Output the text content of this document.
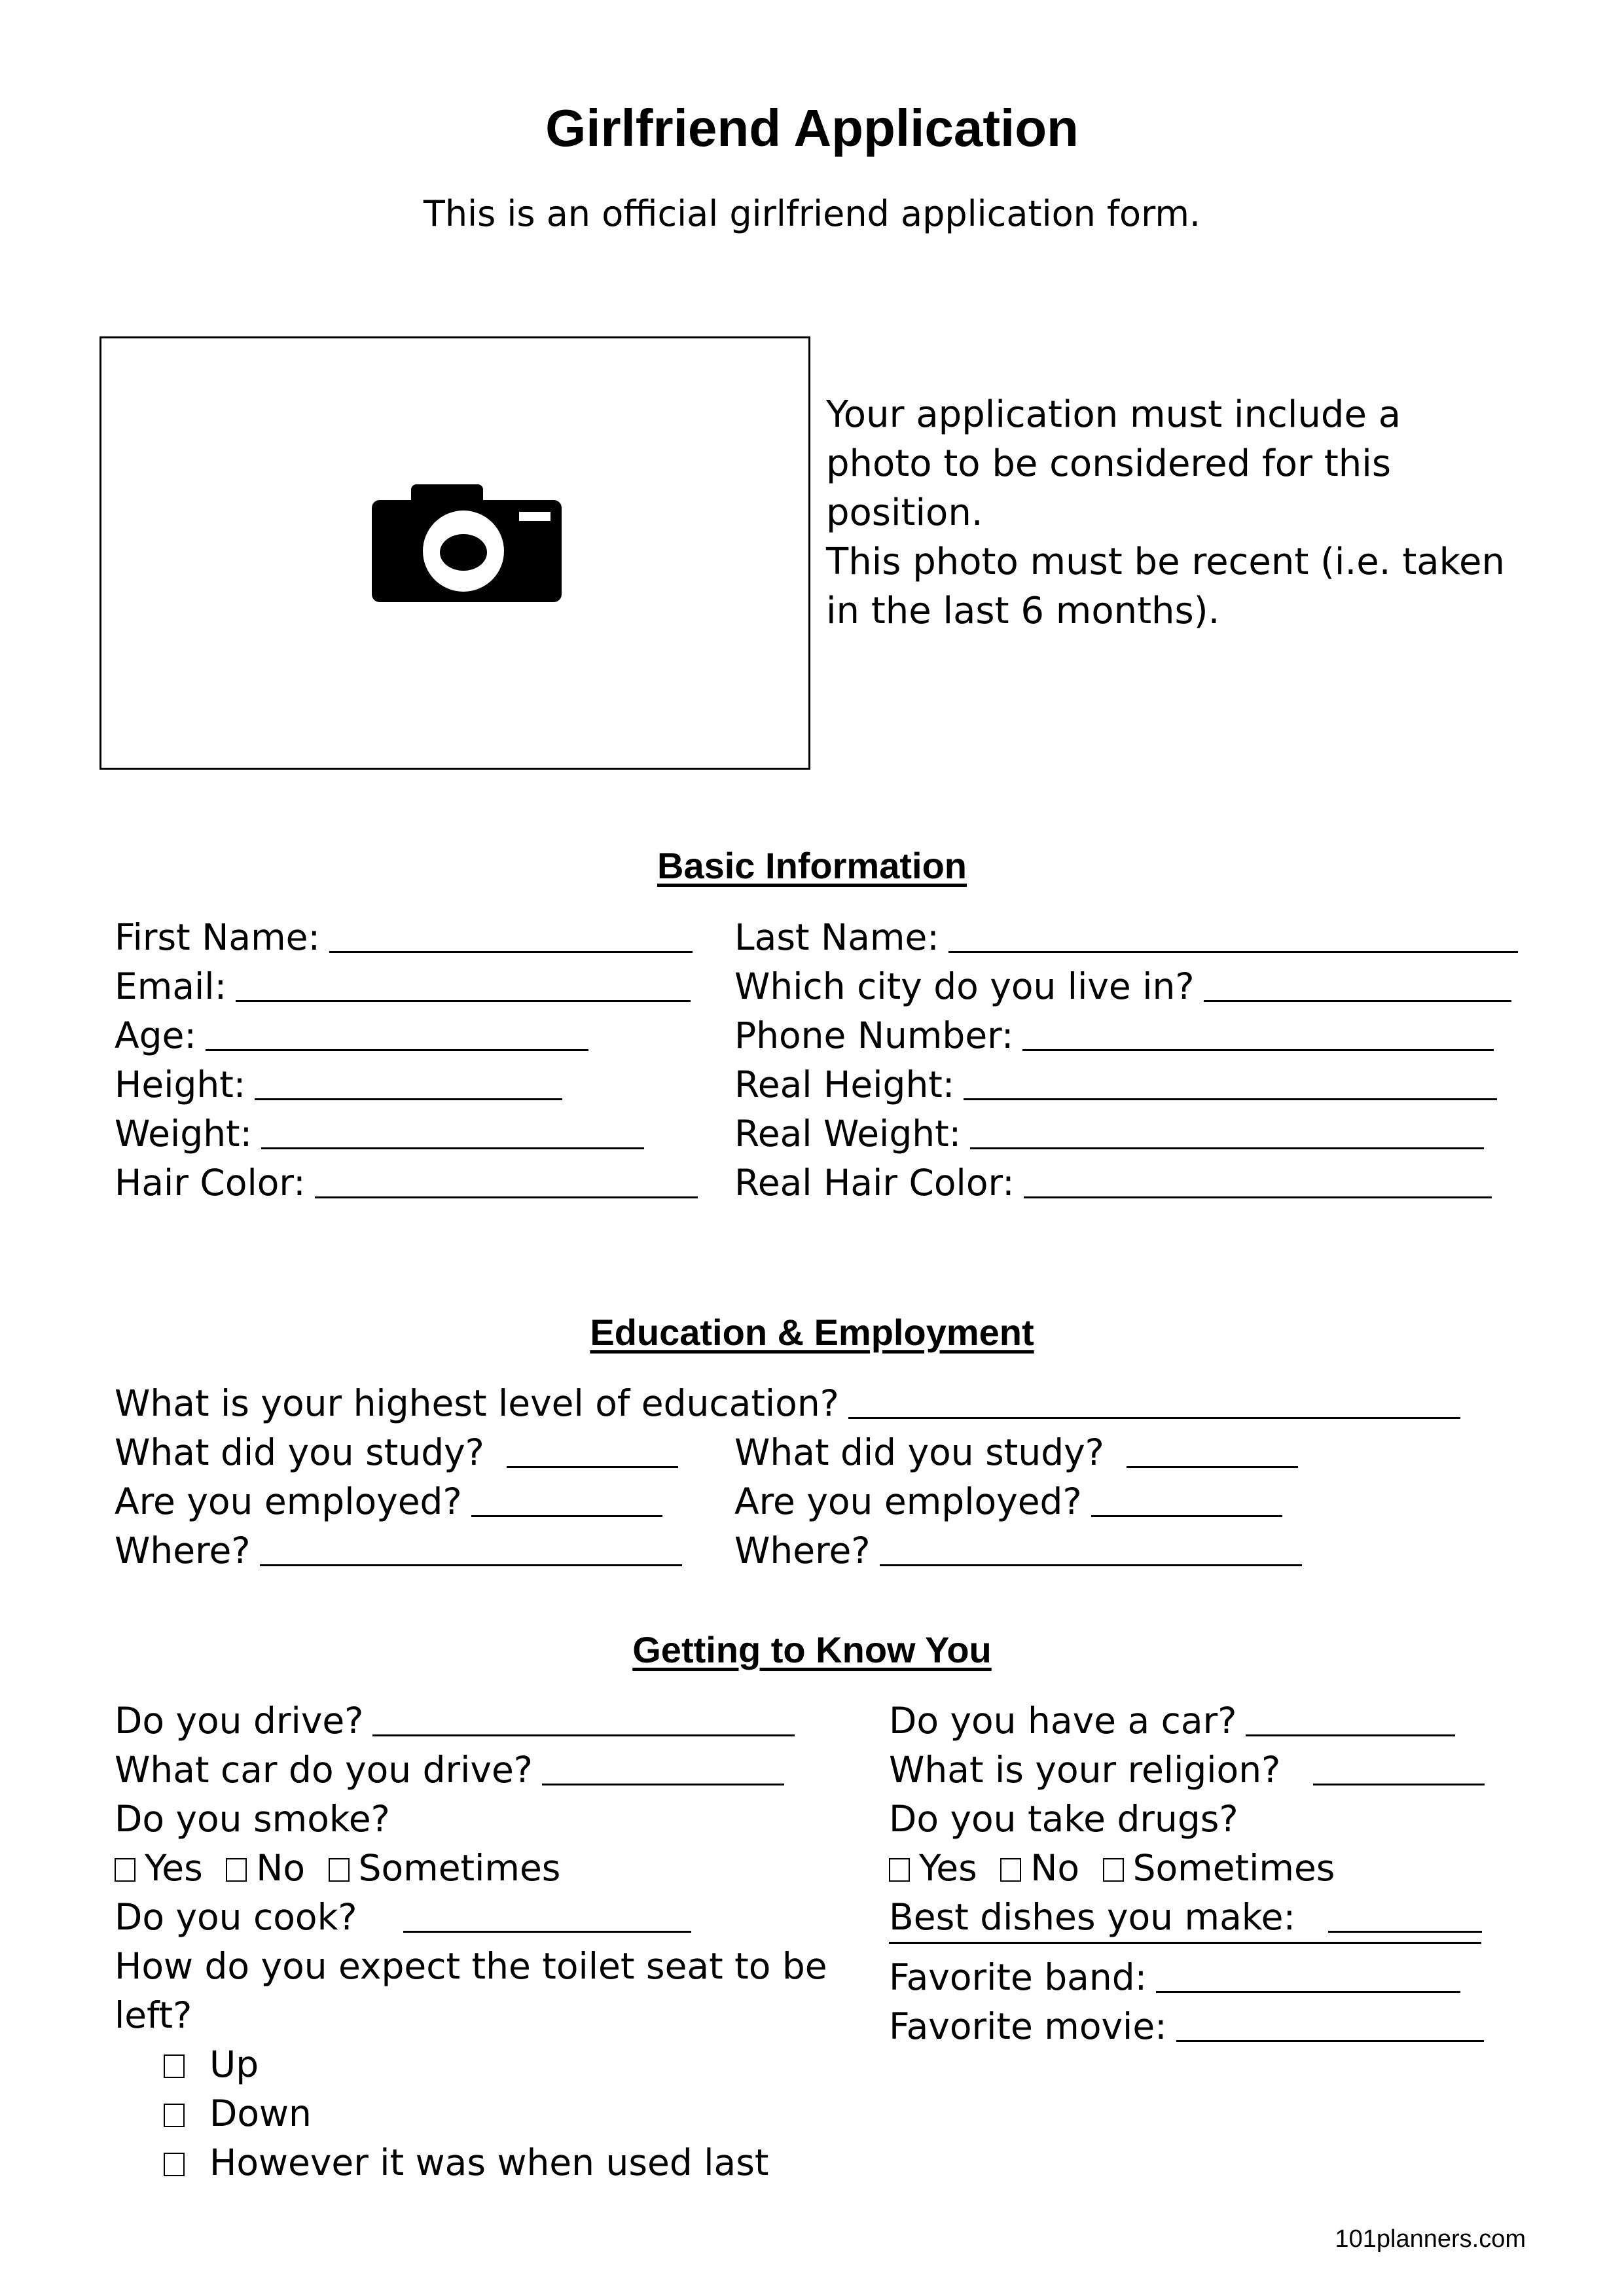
Girlfriend Application
This is an official girlfriend application form.
Your application must include a
photo to be considered for this
position.
This photo must be recent (i.e. taken
in the last 6 months).
Basic Information
First Name:
Email:
Age:
Height:
Weight:
Hair Color:
Last Name:
Which city do you live in?
Phone Number:
Real Height:
Real Weight:
Real Hair Color:
Education & Employment
What is your highest level of education?
What did you study?
Are you employed?
Where?
What did you study?
Are you employed?
Where?
Getting to Know You
Do you drive?
What car do you drive?
Do you smoke?
Yes No Sometimes
Do you cook?
How do you expect the toilet seat to be
left?
Up
Down
However it was when used last
Do you have a car?
What is your religion?
Do you take drugs?
Yes No Sometimes
Best dishes you make:
Favorite band:
Favorite movie:
101planners.com
